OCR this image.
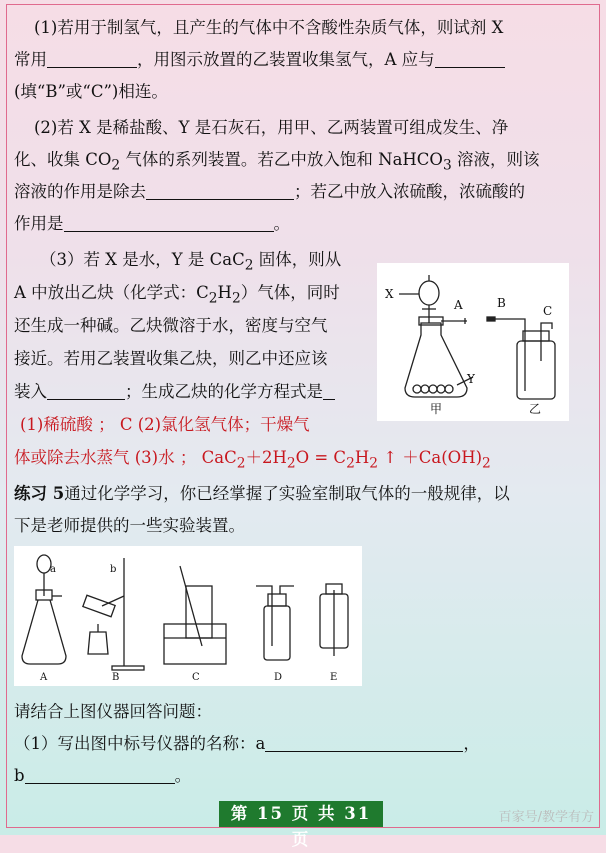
(1)若用于制氢气，且产生的气体中不含酸性杂质气体，则试剂 X

常用	，用图示放置的乙装置收集氢气，A 应与

(填“B”或“C”)相连。

(2)若 X 是稀盐酸、Y 是石灰石，用甲、乙两装置可组成发生、净

化、收集 $CO_2$ 气体的系列装置。若乙中放入饱和 NaHCO$_3$ 溶液，则该

溶液的作用是除去	；若乙中放入浓硫酸，浓硫酸的

作用是	。

（3）若 X 是水，Y 是 CaC$_2$ 固体，则从

A 中放出乙炔（化学式：$C_2H_2$）气体，同时

还生成一种碱。乙炔微溶于水，密度与空气

接近。若用乙装置收集乙炔，则乙中还应该

装入	；生成乙炔的化学方程式是

X
A	B
C
Y
甲	乙

(1)稀硫酸 ； C (2)氯化氢气体；干燥气

体或除去水蒸气 (3)水 ； $CaC_2+2H_2O = C_2H_2$ ↑ $+Ca(OH)_2$

练习 5通过化学学习，你已经掌握了实验室制取气体的一般规律，以

下是老师提供的一些实验装置。

a	b
A	B	C	D	E

请结合上图仪器回答问题：

（1）写出图中标号仪器的名称：a	，

b	。

第 15 页 共 31 页
百家号/教学有方
